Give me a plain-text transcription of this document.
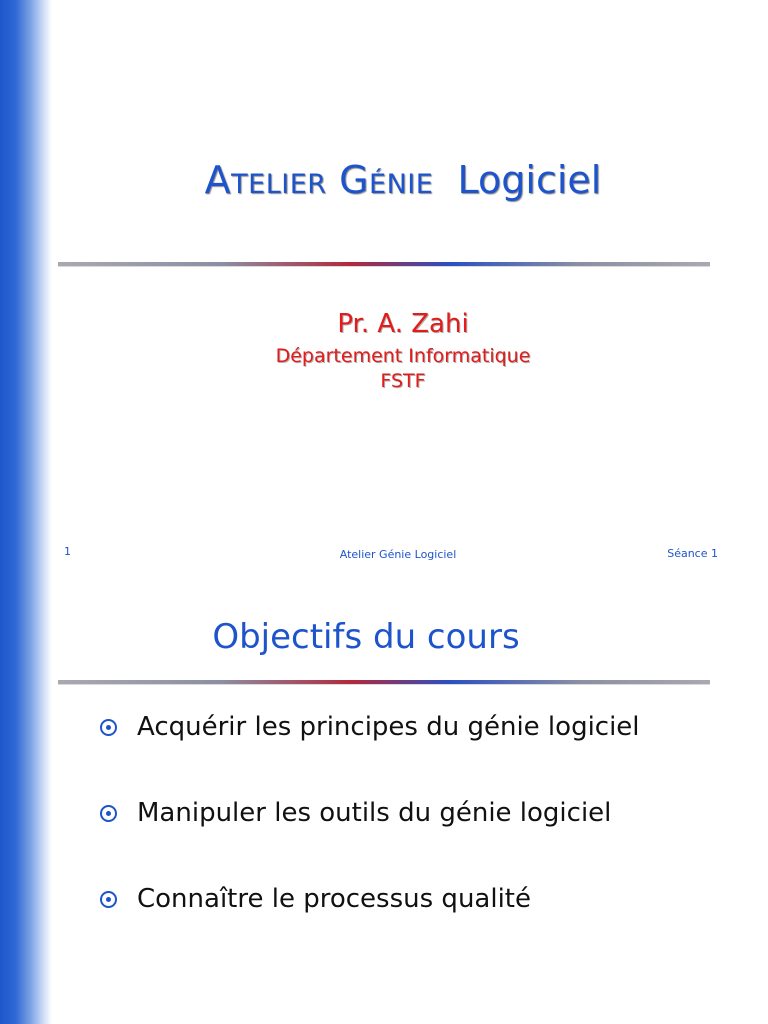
Atelier Génie Logiciel
Pr. A. Zahi
Département Informatique
FSTF
1	Atelier Génie Logiciel	Séance 1
Objectifs du cours
Acquérir les principes du génie logiciel
Manipuler les outils du génie logiciel
Connaître le processus qualité
